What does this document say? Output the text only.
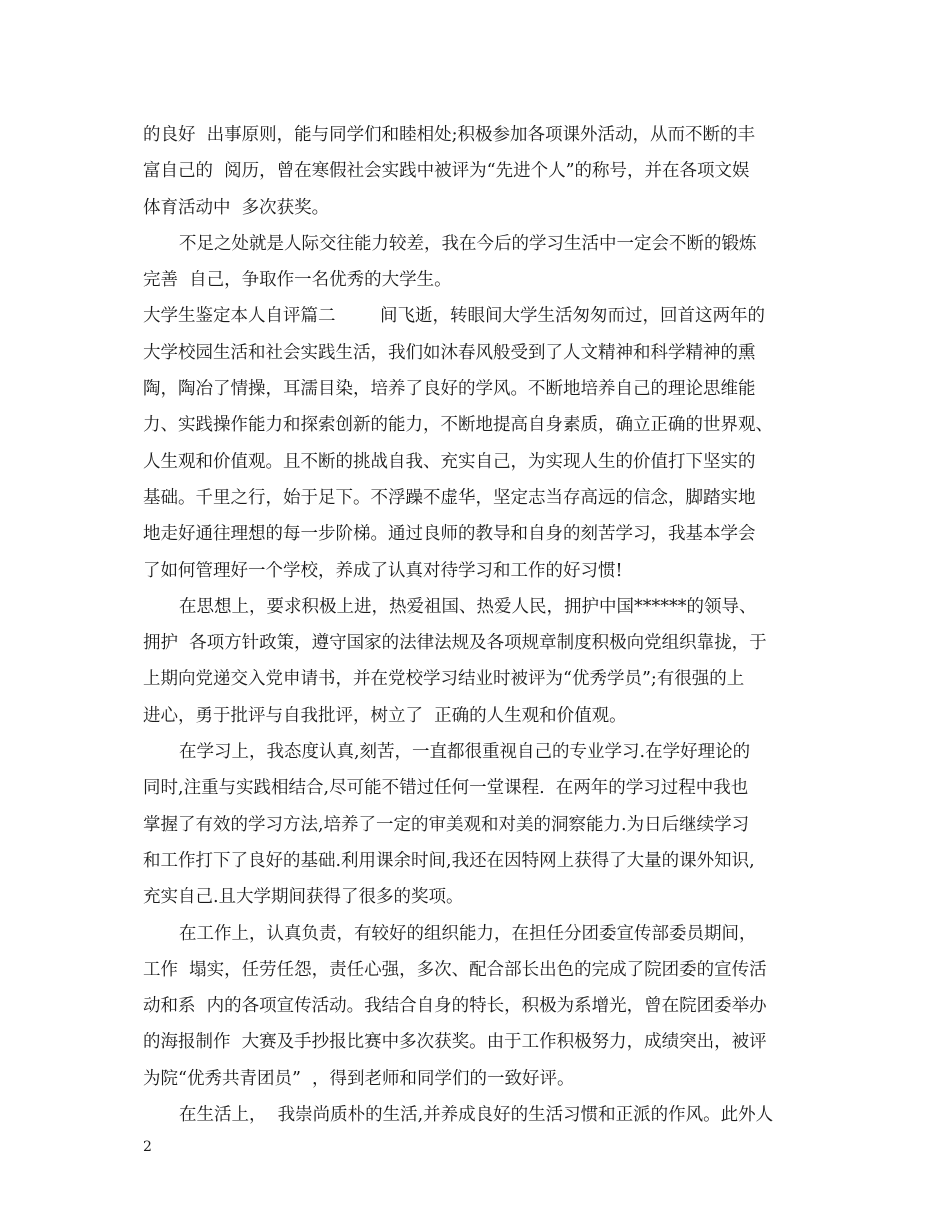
的良好  出事原则，能与同学们和睦相处;积极参加各项课外活动，从而不断的丰
富自己的  阅历，曾在寒假社会实践中被评为“先进个人”的称号，并在各项文娱
体育活动中  多次获奖。
不足之处就是人际交往能力较差，我在今后的学习生活中一定会不断的锻炼
完善  自己，争取作一名优秀的大学生。
大学生鉴定本人自评篇二        间飞逝，转眼间大学生活匆匆而过，回首这两年的
大学校园生活和社会实践生活，我们如沐春风般受到了人文精神和科学精神的熏
陶，陶冶了情操，耳濡目染，培养了良好的学风。不断地培养自己的理论思维能
力、实践操作能力和探索创新的能力，不断地提高自身素质，确立正确的世界观、
人生观和价值观。且不断的挑战自我、充实自己，为实现人生的价值打下坚实的
基础。千里之行，始于足下。不浮躁不虚华，坚定志当存高远的信念，脚踏实地
地走好通往理想的每一步阶梯。通过良师的教导和自身的刻苦学习，我基本学会
了如何管理好一个学校，养成了认真对待学习和工作的好习惯!
在思想上，要求积极上进，热爱祖国、热爱人民，拥护中国******的领导、
拥护  各项方针政策，遵守国家的法律法规及各项规章制度积极向党组织靠拢，于
上期向党递交入党申请书，并在党校学习结业时被评为“优秀学员”;有很强的上
进心，勇于批评与自我批评，树立了  正确的人生观和价值观。
在学习上，我态度认真,刻苦，一直都很重视自己的专业学习.在学好理论的
同时,注重与实践相结合,尽可能不错过任何一堂课程.  在两年的学习过程中我也
掌握了有效的学习方法,培养了一定的审美观和对美的洞察能力.为日后继续学习
和工作打下了良好的基础.利用课余时间,我还在因特网上获得了大量的课外知识,
充实自己.且大学期间获得了很多的奖项。
在工作上，认真负责，有较好的组织能力，在担任分团委宣传部委员期间，
工作  塌实，任劳任怨，责任心强，多次、配合部长出色的完成了院团委的宣传活
动和系  内的各项宣传活动。我结合自身的特长，积极为系增光，曾在院团委举办
的海报制作  大赛及手抄报比赛中多次获奖。由于工作积极努力，成绩突出，被评
为院“优秀共青团员”  ，得到老师和同学们的一致好评。
在生活上，  我崇尚质朴的生活,并养成良好的生活习惯和正派的作风。此外人
2
